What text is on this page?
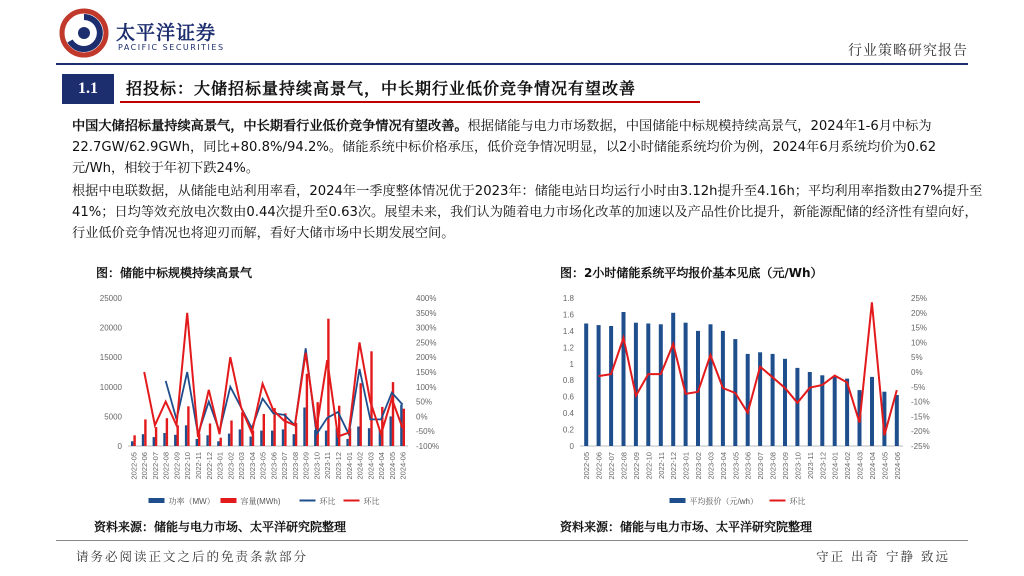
太平洋证券
PACIFIC SECURITIES	行业策略研究报告
1.1	招投标：大储招标量持续高景气，中长期行业低价竞争情况有望改善
中国大储招标量持续高景气，中长期看行业低价竞争情况有望改善。根据储能与电力市场数据，中国储能中标规模持续高景气，2024年1-6月中标为22.7GW/62.9GWh，同比+80.8%/94.2%。储能系统中标价格承压，低价竞争情况明显，以2小时储能系统均价为例，2024年6月系统均价为0.62元/Wh，相较于年初下跌24%。
根据中电联数据，从储能电站利用率看，2024年一季度整体情况优于2023年：储能电站日均运行小时由3.12h提升至4.16h；平均利用率指数由27%提升至41%；日均等效充放电次数由0.44次提升至0.63次。展望未来，我们认为随着电力市场化改革的加速以及产品性价比提升，新能源配储的经济性有望向好，行业低价竞争情况也将迎刃而解，看好大储市场中长期发展空间。
图：储能中标规模持续高景气	图：2小时储能系统平均报价基本见底（元/Wh）
0
5000
10000
15000
20000
25000
-100%
-50%
0%
50%
100%
150%
200%
250%
300%
350%
400%
2022-05 2022-06 2022-07 2022-08 2022-09 2022-10 2022-11 2022-12 2023-01 2023-02 2023-03 2023-04 2023-05 2023-06 2023-07 2023-08 2023-09 2023-10 2023-11 2023-12 2024-01 2024-02 2024-03 2024-04 2024-05 2024-06
功率（MW）	容量(MWh)	环比	环比
0
0.2
0.4
0.6
0.8
1
1.2
1.4
1.6
1.8
-25%
-20%
-15%
-10%
-5%
0%
5%
10%
15%
20%
25%
2022-05 2022-06 2022-07 2022-08 2022-09 2022-10 2022-11 2022-12 2023-01 2023-02 2023-03 2023-04 2023-05 2023-06 2023-07 2023-08 2023-09 2023-10 2023-11 2023-12 2024-01 2024-02 2024-03 2024-04 2024-05 2024-06
平均报价（元/wh）	环比
资料来源：储能与电力市场、太平洋研究院整理	资料来源：储能与电力市场、太平洋研究院整理
请务必阅读正文之后的免责条款部分	守正 出奇 宁静 致远
